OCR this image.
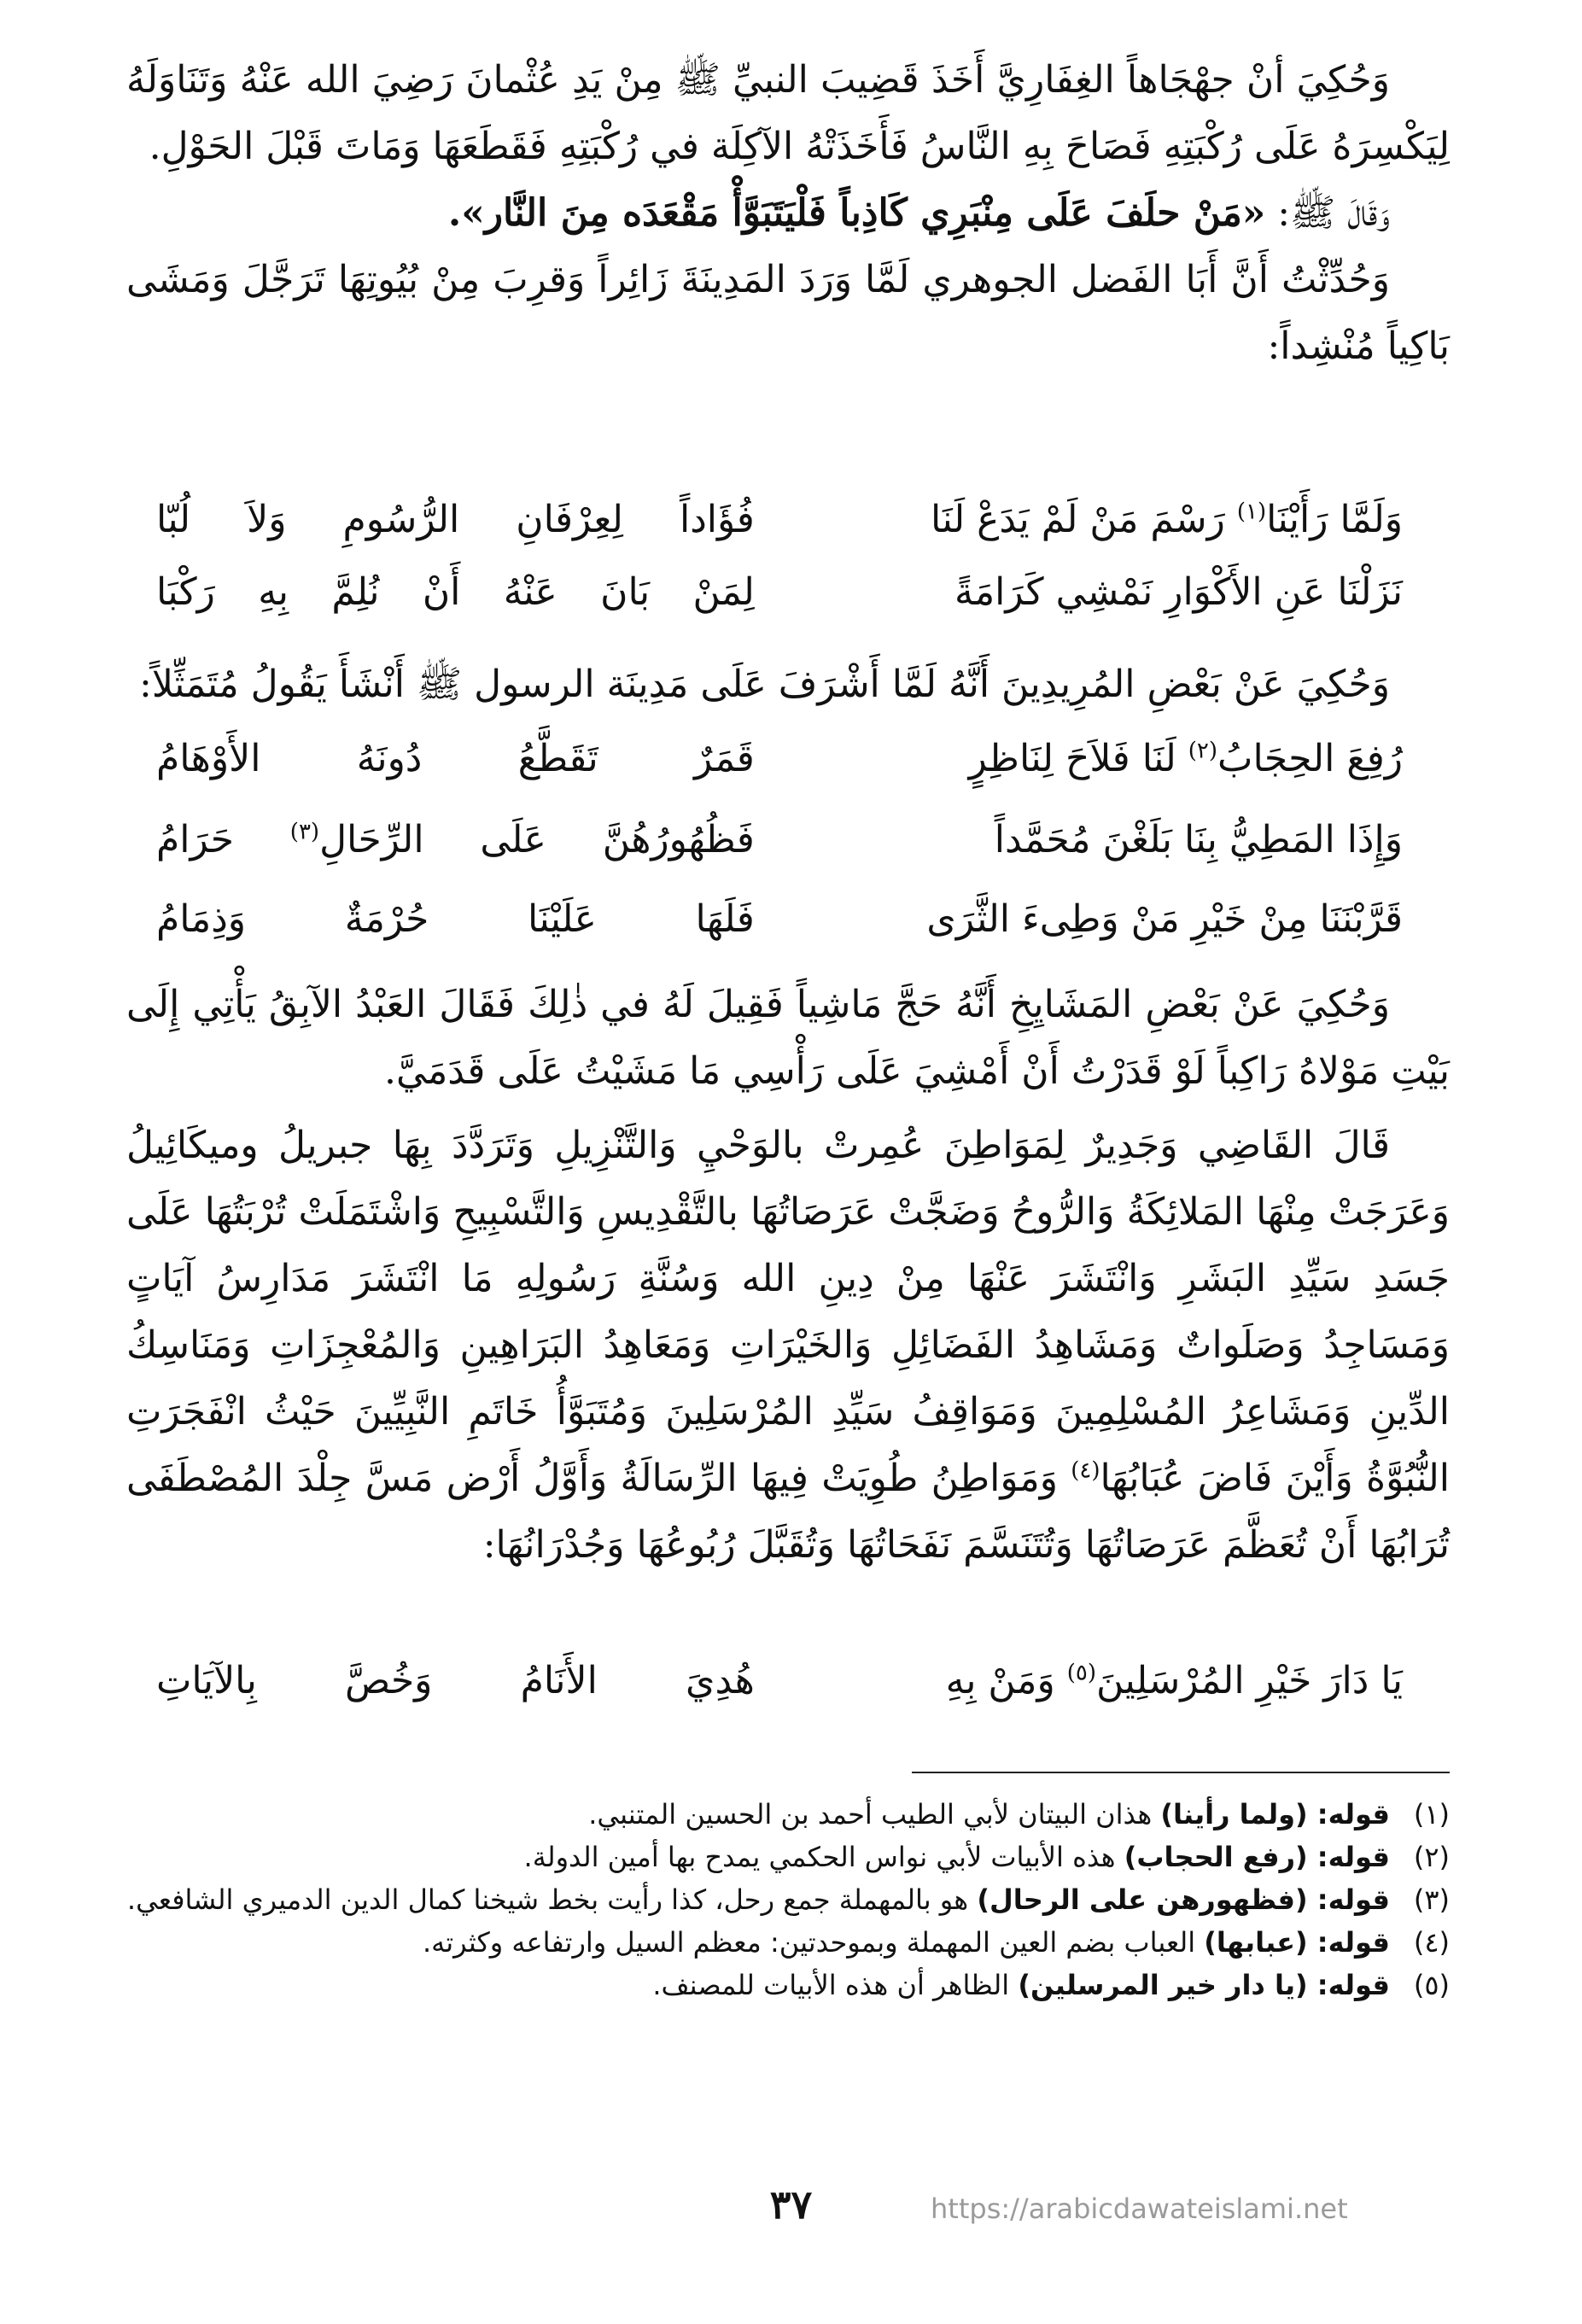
وَحُكِيَ أنْ جهْجَاهاً الغِفَارِيَّ أَخَذَ قَضِيبَ النبيِّ ﷺ مِنْ يَدِ عُثْمانَ رَضِيَ الله عَنْهُ وَتَنَاوَلَهُ لِيَكْسِرَهُ عَلَى رُكْبَتِهِ فَصَاحَ بِهِ النَّاسُ فَأَخَذَتْهُ الآكِلَة في رُكْبَتِهِ فَقَطَعَهَا وَمَاتَ قَبْلَ الحَوْلِ.

وَقَالَ ﷺ: «مَنْ حلَفَ عَلَى مِنْبَرِي كَاذِباً فَلْيَتَبَوَّأْ مَقْعَدَه مِنَ النَّار».

وَحُدِّثْتُ أَنَّ أَبَا الفَضل الجوهري لَمَّا وَرَدَ المَدِينَةَ زَائِراً وَقرِبَ مِنْ بُيُوتِهَا تَرَجَّلَ وَمَشَى بَاكِياً مُنْشِداً:

وَلَمَّا رَأَيْنَا$^{(١)}$ رَسْمَ مَنْ لَمْ يَدَعْ لَنَا
فُؤَاداً لِعِرْفَانِ الرُّسُومِ وَلاَ لُبّا
نَزَلْنَا عَنِ الأَكْوَارِ نَمْشِي كَرَامَةً
لِمَنْ بَانَ عَنْهُ أَنْ نُلِمَّ بِهِ رَكْبَا

وَحُكِيَ عَنْ بَعْضِ المُرِيدِينَ أَنَّهُ لَمَّا أَشْرَفَ عَلَى مَدِينَة الرسول ﷺ أَنْشَأَ يَقُولُ مُتَمَثِّلاً:

رُفِعَ الحِجَابُ$^{(٢)}$ لَنَا فَلاَحَ لِنَاظِرٍ
قَمَرٌ تَقَطَّعُ دُونَهُ الأَوْهَامُ
وَإِذَا المَطِيُّ بِنَا بَلَغْنَ مُحَمَّداً
فَظُهُورُهُنَّ عَلَى الرِّحَالِ$^{(٣)}$ حَرَامُ
قَرَّبْنَنَا مِنْ خَيْرِ مَنْ وَطِىءَ الثَّرَى
فَلَهَا عَلَيْنَا حُرْمَةٌ وَذِمَامُ

وَحُكِيَ عَنْ بَعْضِ المَشَايِخِ أَنَّهُ حَجَّ مَاشِياً فَقِيلَ لَهُ في ذٰلِكَ فَقَالَ العَبْدُ الآبِقُ يَأْتِي إِلَى بَيْتِ مَوْلاهُ رَاكِباً لَوْ قَدَرْتُ أَنْ أَمْشِيَ عَلَى رَأْسِي مَا مَشَيْتُ عَلَى قَدَمَيَّ.

قَالَ القَاضِي وَجَدِيرٌ لِمَوَاطِنَ عُمِرتْ بالوَحْيِ وَالتَّنْزِيلِ وَتَرَدَّدَ بِهَا جبريلُ وميكَائِيلُ وَعَرَجَتْ مِنْهَا المَلائِكَةُ وَالرُّوحُ وَضَجَّتْ عَرَصَاتُهَا بالتَّقْدِيسِ وَالتَّسْبِيحِ وَاشْتَمَلَتْ تُرْبَتُهَا عَلَى جَسَدِ سَيِّدِ البَشَرِ وَانْتَشَرَ عَنْهَا مِنْ دِينِ الله وَسُنَّةِ رَسُولِهِ مَا انْتَشَرَ مَدَارِسُ آيَاتٍ وَمَسَاجِدُ وَصَلَواتٌ وَمَشَاهِدُ الفَضَائِلِ وَالخَيْرَاتِ وَمَعَاهِدُ البَرَاهِينِ وَالمُعْجِزَاتِ وَمَنَاسِكُ الدِّينِ وَمَشَاعِرُ المُسْلِمِينَ وَمَوَاقِفُ سَيِّدِ المُرْسَلِينَ وَمُتَبَوَّأُ خَاتَمِ النَّبِيِّينَ حَيْثُ انْفَجَرَتِ النُّبُوَّةُ وَأَيْنَ فَاضَ عُبَابُهَا$^{(٤)}$ وَمَوَاطِنُ طُوِيَتْ فِيهَا الرِّسَالَةُ وَأَوَّلُ أَرْض مَسَّ جِلْدَ المُصْطَفَى تُرَابُهَا أَنْ تُعَظَّمَ عَرَصَاتُهَا وَتُتَنَسَّمَ نَفَحَاتُهَا وَتُقَبَّلَ رُبُوعُهَا وَجُدْرَانُهَا:

يَا دَارَ خَيْرِ المُرْسَلِينَ$^{(٥)}$ وَمَنْ بِهِ
هُدِيَ الأَنَامُ وَخُصَّ بِالآيَاتِ
(١)
قوله: (ولما رأينا) هذان البيتان لأبي الطيب أحمد بن الحسين المتنبي.
(٢)
قوله: (رفع الحجاب) هذه الأبيات لأبي نواس الحكمي يمدح بها أمين الدولة.
(٣)
قوله: (فظهورهن على الرحال) هو بالمهملة جمع رحل، كذا رأيت بخط شيخنا كمال الدين الدميري الشافعي.
(٤)
قوله: (عبابها) العباب بضم العين المهملة وبموحدتين: معظم السيل وارتفاعه وكثرته.
(٥)
قوله: (يا دار خير المرسلين) الظاهر أن هذه الأبيات للمصنف.
٣٧	https://arabicdawateislami.net
